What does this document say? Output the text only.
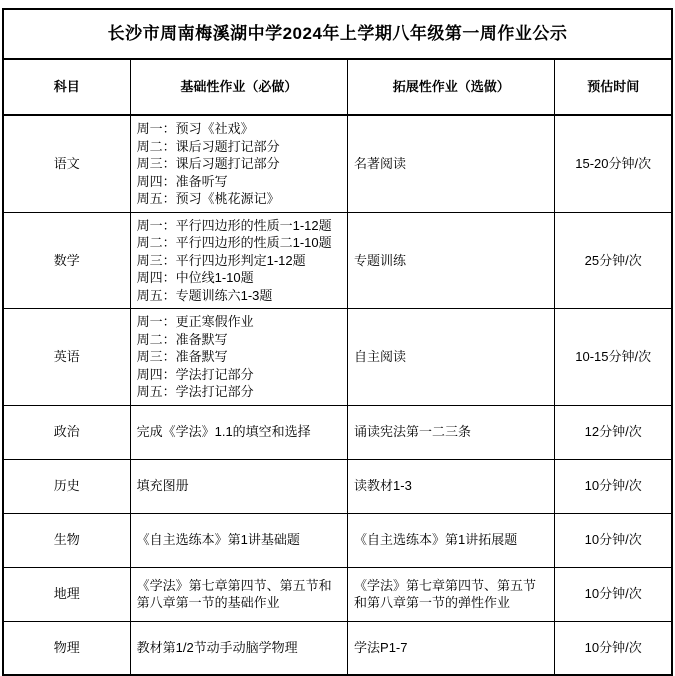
长沙市周南梅溪湖中学2024年上学期八年级第一周作业公示			
科目	基础性作业（必做）	拓展性作业（选做）	预估时间
语文	周一：预习《社戏》
周二：课后习题打记部分
周三：课后习题打记部分
周四：准备听写
周五：预习《桃花源记》	名著阅读	15-20分钟/次
数学	周一：平行四边形的性质一1-12题
周二：平行四边形的性质二1-10题
周三：平行四边形判定1-12题
周四：中位线1-10题
周五：专题训练六1-3题	专题训练	25分钟/次
英语	周一：更正寒假作业
周二：准备默写
周三：准备默写
周四：学法打记部分
周五：学法打记部分	自主阅读	10-15分钟/次
政治	完成《学法》1.1的填空和选择	诵读宪法第一二三条	12分钟/次
历史	填充图册	读教材1-3	10分钟/次
生物	《自主选练本》第1讲基础题	《自主选练本》第1讲拓展题	10分钟/次
地理	《学法》第七章第四节、第五节和第八章第一节的基础作业	《学法》第七章第四节、第五节和第八章第一节的弹性作业	10分钟/次
物理	教材第1/2节动手动脑学物理	学法P1-7	10分钟/次
